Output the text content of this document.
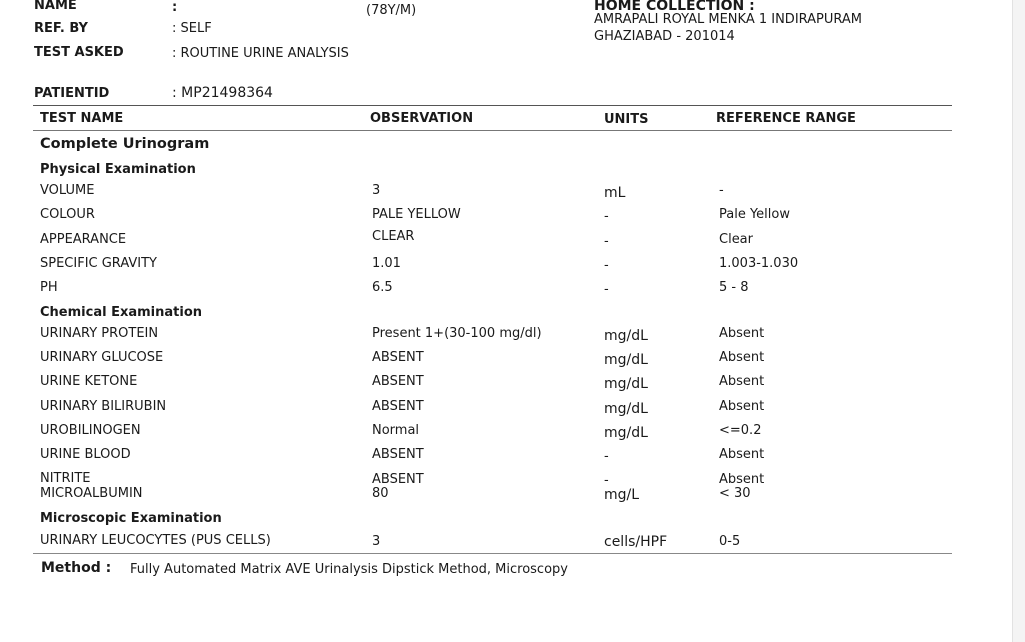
NAME	:	(78Y/M)
REF. BY	: SELF
TEST ASKED	: ROUTINE URINE ANALYSIS
PATIENTID	: MP21498364
HOME COLLECTION :
AMRAPALI ROYAL MENKA 1 INDIRAPURAM
GHAZIABAD - 201014
TEST NAME	OBSERVATION	UNITS	REFERENCE RANGE
Complete Urinogram
Physical Examination
VOLUME	3	mL	-
COLOUR	PALE YELLOW	-	Pale Yellow
APPEARANCE	CLEAR	-	Clear
SPECIFIC GRAVITY	1.01	-	1.003-1.030
PH	6.5	-	5 - 8
Chemical Examination
URINARY PROTEIN	Present 1+(30-100 mg/dl)	mg/dL	Absent
URINARY GLUCOSE	ABSENT	mg/dL	Absent
URINE KETONE	ABSENT	mg/dL	Absent
URINARY BILIRUBIN	ABSENT	mg/dL	Absent
UROBILINOGEN	Normal	mg/dL	<=0.2
URINE BLOOD	ABSENT	-	Absent
NITRITE	ABSENT	-	Absent
MICROALBUMIN	80	mg/L	< 30
Microscopic Examination
URINARY LEUCOCYTES (PUS CELLS)	3	cells/HPF	0-5
Method : Fully Automated Matrix AVE Urinalysis Dipstick Method, Microscopy
